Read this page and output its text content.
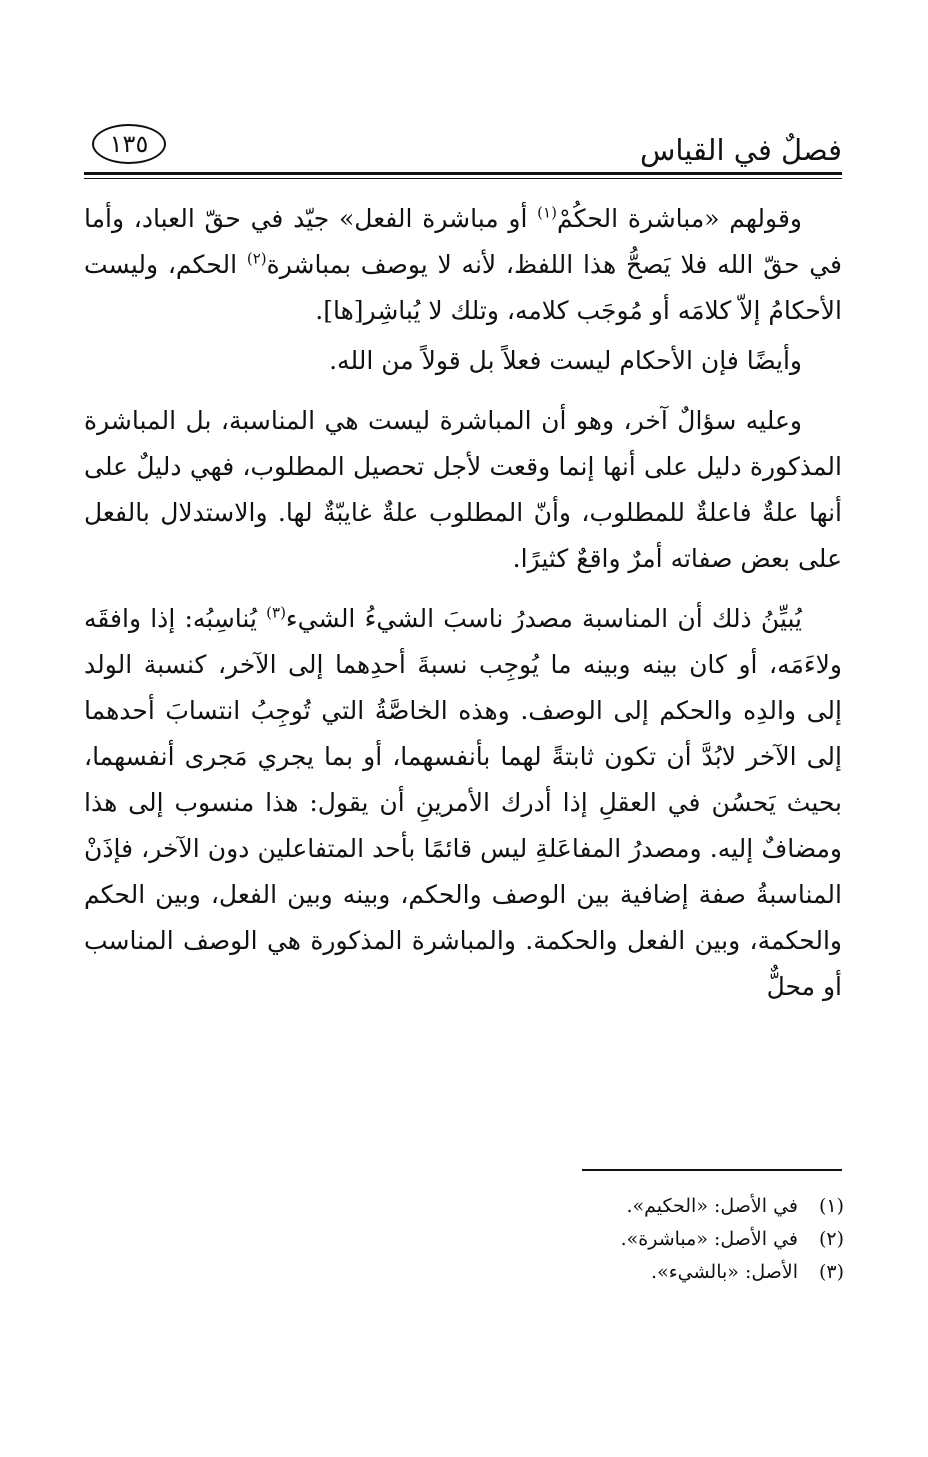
فصلٌ في القياس
١٣٥

وقولهم «مباشرة الحكُمْ$^{(١)}$ أو مباشرة الفعل» جيّد في حقّ العباد، وأما في حقّ الله فلا يَصحُّ هذا اللفظ، لأنه لا يوصف بمباشرة$^{(٢)}$ الحكم، وليست الأحكامُ إلاّ كلامَه أو مُوجَب كلامه، وتلك لا يُباشِر[ها].

وأيضًا فإن الأحكام ليست فعلاً بل قولاً من الله.

وعليه سؤالٌ آخر، وهو أن المباشرة ليست هي المناسبة، بل المباشرة المذكورة دليل على أنها إنما وقعت لأجل تحصيل المطلوب، فهي دليلٌ على أنها علةٌ فاعلةٌ للمطلوب، وأنّ المطلوب علةٌ غايبّةٌ لها. والاستدلال بالفعل على بعض صفاته أمرٌ واقعٌ كثيرًا.

يُبيِّنُ ذلك أن المناسبة مصدرُ ناسبَ الشيءُ الشيء$^{(٣)}$ يُناسِبُه: إذا وافقَه ولاءَمَه، أو كان بينه وبينه ما يُوجِب نسبةَ أحدِهما إلى الآخر، كنسبة الولد إلى والدِه والحكم إلى الوصف. وهذه الخاصَّةُ التي تُوجِبُ انتسابَ أحدهما إلى الآخر لابُدَّ أن تكون ثابتةً لهما بأنفسهما، أو بما يجري مَجرى أنفسهما، بحيث يَحسُن في العقلِ إذا أدرك الأمرينِ أن يقول: هذا منسوب إلى هذا ومضافٌ إليه. ومصدرُ المفاعَلةِ ليس قائمًا بأحد المتفاعلين دون الآخر، فإذَنْ المناسبةُ صفة إضافية بين الوصف والحكم، وبينه وبين الفعل، وبين الحكم والحكمة، وبين الفعل والحكمة. والمباشرة المذكورة هي الوصف المناسب أو محلٌّ

(١)في الأصل: «الحكيم».
(٢)في الأصل: «مباشرة».
(٣)الأصل: «بالشيء».
